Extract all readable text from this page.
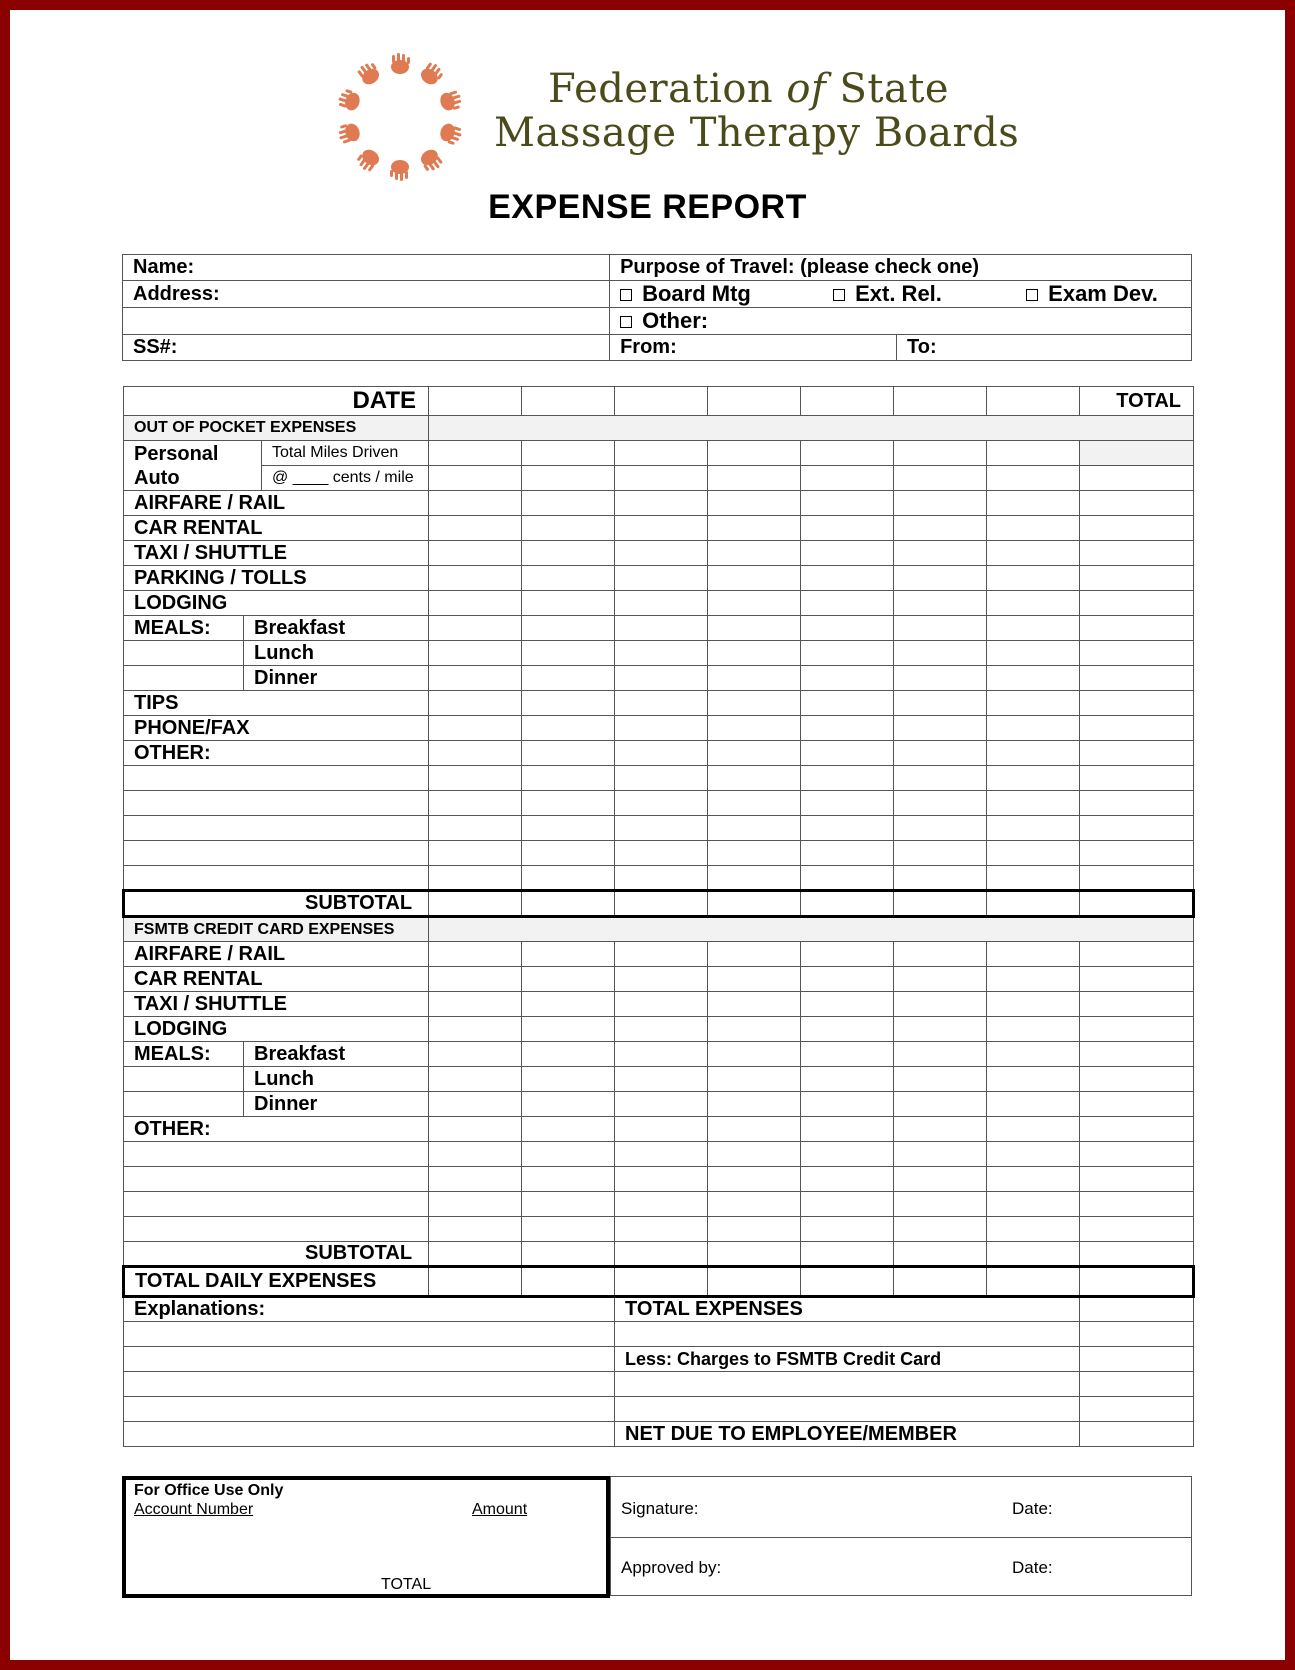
Federation of State
Massage Therapy Boards
EXPENSE REPORT
Name:	Purpose of Travel: (please check one)	
Address:	Board Mtg Ext. Rel. Exam Dev.	
	Other:	
SS#:	From:	To:
DATE										TOTAL
OUT OF POCKET EXPENSES										
Personal
Auto		Total Miles Driven								
		@ ____ cents / mile								
AIRFARE / RAIL										
CAR RENTAL										
TAXI / SHUTTLE										
PARKING / TOLLS										
LODGING										
MEALS:	Breakfast									
	Lunch									
	Dinner									
TIPS										
PHONE/FAX										
OTHER:										

SUBTOTAL										
FSMTB CREDIT CARD EXPENSES										
AIRFARE / RAIL										
CAR RENTAL										
TAXI / SHUTTLE										
LODGING										
MEALS:	Breakfast									
	Lunch									
	Dinner									
OTHER:										

SUBTOTAL										
TOTAL DAILY EXPENSES										
Explanations:					TOTAL EXPENSES					

					Less: Charges to FSMTB Credit Card					

					NET DUE TO EMPLOYEE/MEMBER					
For Office Use Only
Account Number	Amount
TOTAL
Signature:	Date:
Approved by:	Date:
